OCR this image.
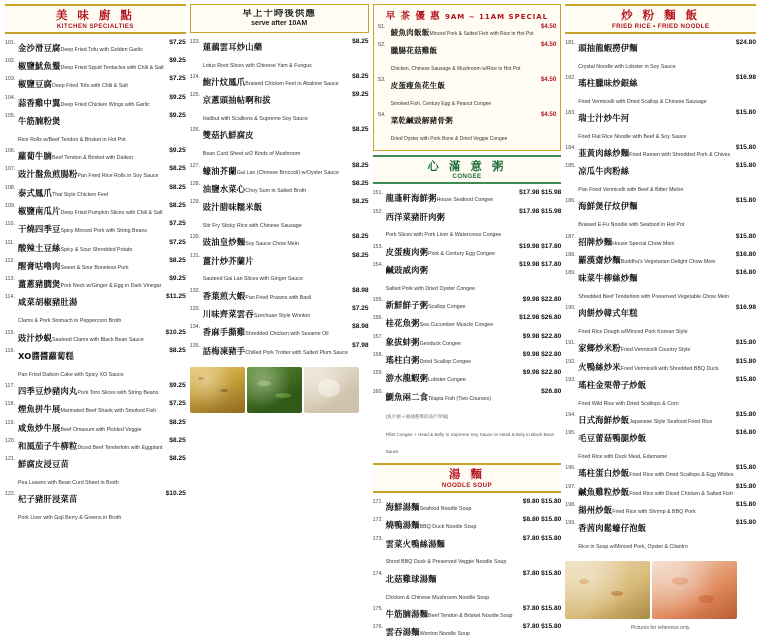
美 味 廚 點
KITCHEN SPECIALTIES
101. 金沙滑豆腐Deep Fried Tofu with Golden Garlic
$7.25
102. 椒鹽魷魚鬚Deep Fried Squid Tentacles with Chili & Salt
$9.25
103. 椒鹽豆腐Deep Fried Tofu with Chili & Salt
$7.25
104. 蒜香雞中翼Deep Fried Chicken Wings with Garlic
$9.25
105. 牛筋腩粉煲Rice Rolls w/Beef Tendon & Brisket in Hot Pot
$9.25
106. 蘿蔔牛腩Beef Tendon & Brisket with Daikon
$9.25
107. 豉汁盤魚煎腸粉Pan Fried Rice Rolls in Soy Sauce
$8.25
108. 泰式鳳爪Thai Style Chicken Feet
$8.25
109. 椒鹽南瓜片Deep Fried Pumpkin Slices with Chili & Salt
$8.25
110. 干燒四季豆Spicy Minced Pork with String Beans
$7.25
111. 酸辣土豆絲Spicy & Sour Shredded Potato
$7.25
112. 醒膏咕嚕肉Sweet & Sour Boneless Pork
$8.25
113. 薑蔥豬膶煲Pork Neck w/Ginger & Egg in Dark Vinegar
$9.25
114. 咸菜胡椒豬肚湯Clams & Pork Stomach in Peppercorn Broth
$11.25
115. 豉汁炒蜆Sauteed Clams with Black Bean Sauce
$10.25
116. XO醬醬蘿蔔糕Pan Fried Daikon Cake with Spicy XO Sauce
$8.25
117. 四季豆炒豬肉丸Pork Toro Slices with String Beans
$9.25
118. 煙魚拼牛展Marinated Beef Shank with Smoked Fish
$7.25
119. 咸魚炒牛展Beef Omasum with Pickled Veggie
$8.25
120. 和風茄子牛柳粒Diced Beef Tenderloin with Eggplant
$8.25
121. 鮮腐皮浸豆苗Pea Leaves with Bean Curd Sheet in Broth
$8.25
122. 杞子豬肝浸菜苗Pork Liver with Goji Berry & Greens in Broth
$10.25
早上十時後供應
serve after 10AM
123. 蓮藕雲耳炒山藥Lotus Root Slices with Chinese Yam & Fungus
$8.25
124. 鮑汁炆鳳爪Braised Chicken Feet in Abalone Sauce
$8.25
125. 京蔥頭抽帖啊和拔Halibut with Scallions & Supreme Soy Sauce
$9.25
126. 雙菇扒鮮腐皮Bean Curd Sheet w/2 Kinds of Mushroom
$8.25
127. 蠔油芥蘭Gai Lan (Chinese Broccoli) w/Oyster Sauce
$8.25
128. 油鹽水菜心Choy Sum in Salted Broth
$8.25
129. 豉汁腊味糯米飯Stir Fry Sticky Rice with Chinese Sausage
$8.25
130. 豉油皇炒麵Soy Sauce Chow Mein
$8.25
131. 薑汁炒芥蘭片Sauteed Gai Lan Slices with Ginger Sauce
$8.25
132. 香葉煎大蝦Pan Fried Prawns with Basil
$8.98
133. 川味齊菜雲吞Szechuan Style Wonton
$7.25
134. 香麻手撕雞Shredded Chicken with Sesame Oil
$8.98
135. 話梅凍豬手Chilled Pork Trotter with Salted Plum Sauce
$7.98
早 茶 優 惠 9AM ~ 11AM SPECIAL
S1.
鯪魚肉飯飯Minced Pork & Salted Fish with Rice in Hot Pot
$4.50
S2.
臘腸花菇雞飯Chicken, Chinese Sausage & Mushroom w/Rice in Hot Pot
$4.50
S3.
皮蛋痩魚花生飯Smoked Fish, Century Egg & Peanut Congee
$4.50
S4.
菜乾鹹豉解豬骨粥Dried Oyster with Pork Bone & Dried Veggie Congee
$4.50
心 滿 意 粥
CONGEE
151. 龍蓬軒海鮮粥House Seafood Congee
$17.98 $15.98
152. 西洋菜豬肝肉粥Pork Slices with Pork Liver & Watercress Congee
$17.98 $15.98
153. 皮蛋痩肉粥Pork & Century Egg Congee
$19.98 $17.80
154. 鹹豉威肉粥Salted Pork with Dried Oyster Congee
$19.98 $17.80
155. 新鮮鮮子粥Scallop Congee
$9.98 $22.80
156. 桂花魚粥Sea Cucumber Muscle Congee
$12.98 $26.80
157. 象拔蚌粥Geoduck Congee
$9.98 $22.80
158. 瑤柱白粥Dried Scallop Congee
$9.98 $22.80
159. 游水龍蝦粥Lobster Congee
$9.98 $22.80
160. 鰂魚兩二食Tilapia Fish (Two Courses)
$26.80
(魚片粥＋頭抽蔥爆煎豉汁骨腩)
Fillet Congee + Head & Belly in Supreme Soy Sauce or Head & Bely in Black Bean Sauce
湯 麵
NOODLE SOUP
171. 海鮮湯麵Seafood Noodle Soup
$9.80 $15.80
172. 燒鴨湯麵BBQ Duck Noodle Soup
$8.80 $15.80
173. 雲菜火鴨絲湯麵Shred BBQ Duck & Preserved Veggie Noodle Soup
$7.80 $15.80
174. 北菇雞球湯麵Chicken & Chinese Mushroom Noodle Soup
$7.80 $15.80
175. 牛筋腩湯麵Beef Tendon & Brisket Noodle Soup
$7.80 $15.80
176. 雲吞湯麵Wonton Noodle Soup
$7.80 $15.80
炒 粉 麵 飯
FRIED RICE • FRIED NOODLE
181. 頭抽龍蝦撈伊麵Crystal Noodle with Lobster in Soy Sauce
$24.80
182. 瑤柱臘味炒銀絲Fried Vermicelli with Dried Scallop & Chinese Sausage
$16.98
183. 瑞士汁炒牛河Fried Flat Rice Noodle with Beef & Soy Sauce
$15.80
184. 韮黃肉絲炒麵Fried Ramen with Shredded Pork & Chives
$15.80
185. 凉瓜牛肉粉絲Pan Fried Vermicelli with Beef & Bitter Melon
$15.80
186. 海鮮煲仔炆伊麵Braised E-Fu Noodle with Seafood in Hot Pot
$15.80
187. 招牌炒麵House Special Chow Mein
$15.80
188. 羅漢齋炒麵Buddha's Vegetarian Delight Chow Mein
$16.80
189. 味菜牛柳絲炒麵Shredded Beef Tenderloin with Preserved Vegetable Chow Mein
$16.80
190. 肉餅炒韓式年糕Fried Rice Dough w/Minced Pork Korean Style
$16.98
191. 家鄉炒米粉Fried Vermicelli Country Style
$15.80
192. 火鴨絲炒米Fried Vermicelli with Shredded BBQ Duck
$15.80
193. 瑤柱金栗帶子炒飯Fried Wild Rice with Dried Scallops & Corn
$15.80
194. 日式海鮮炒飯Japanese Style Seafood Fried Rice
$15.80
195. 毛豆蕾菇鴨腿炒飯Fried Rice with Duck Meat, Edamame
$16.80
196. 瑤柱蛋白炒飯Fried Rice with Dried Scallops & Egg Whites
$15.80
197. 鹹魚雞粒炒飯Fried Rice with Diced Chicken & Salted Fish
$15.80
198. 揚州炒飯Fried Rice with Shrimp & BBQ Pork
$15.80
199. 香茜肉鬆蠔仔泡飯Rice in Soup w/Minced Pork, Oyster & Cilantro
$15.80
Pictures for reference only.
